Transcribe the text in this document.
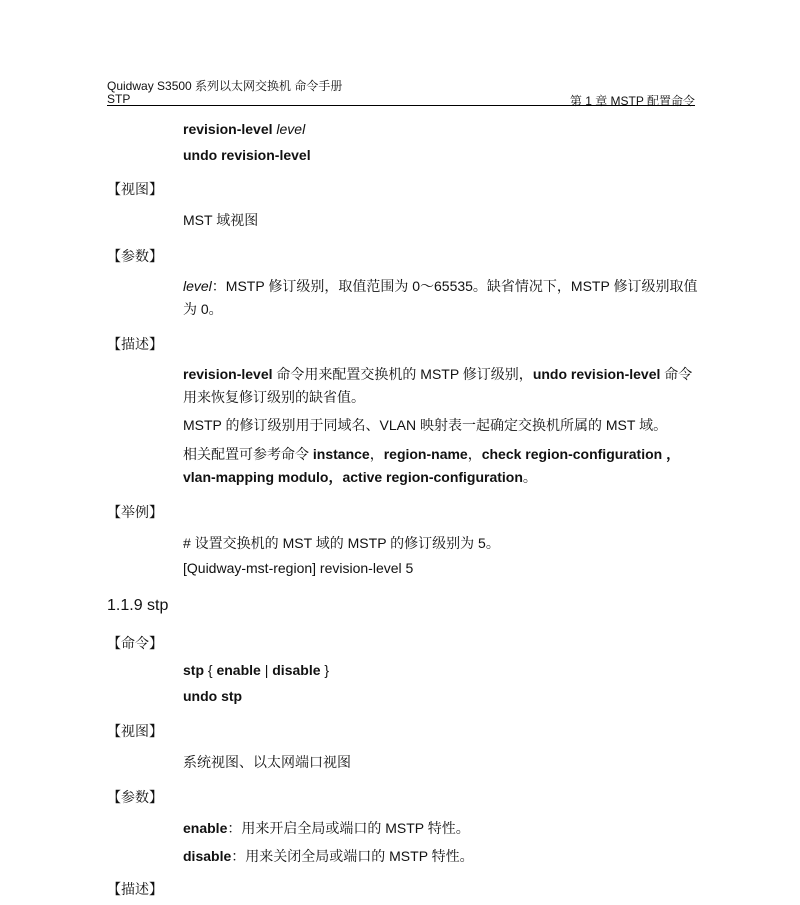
Quidway S3500 系列以太网交换机 命令手册
STP	第 1 章 MSTP 配置命令
revision-level level
undo revision-level
【视图】
MST 域视图
【参数】
level：MSTP 修订级别，取值范围为 0～65535。缺省情况下，MSTP 修订级别取值
为 0。
【描述】
revision-level 命令用来配置交换机的 MSTP 修订级别，undo revision-level 命令
用来恢复修订级别的缺省值。
MSTP 的修订级别用于同域名、VLAN 映射表一起确定交换机所属的 MST 域。
相关配置可参考命令 instance，region-name，check region-configuration ，
vlan-mapping modulo，active region-configuration。
【举例】
# 设置交换机的 MST 域的 MSTP 的修订级别为 5。
[Quidway-mst-region] revision-level 5
1.1.9 stp
【命令】
stp { enable | disable }
undo stp
【视图】
系统视图、以太网端口视图
【参数】
enable：用来开启全局或端口的 MSTP 特性。
disable：用来关闭全局或端口的 MSTP 特性。
【描述】
